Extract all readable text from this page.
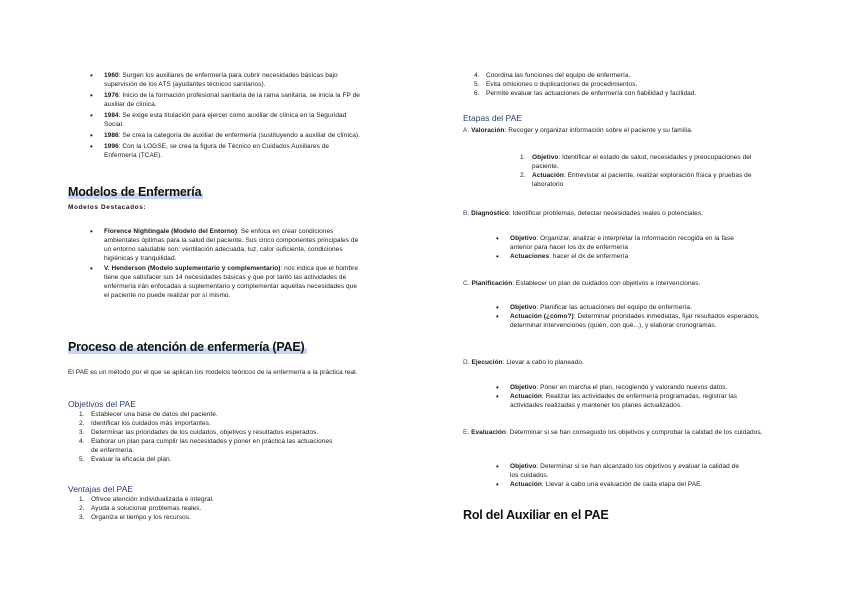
• 1960: Surgen los auxiliares de enfermería para cubrir necesidades básicas bajo supervisión de los ATS (ayudantes técnicos sanitarios).
• 1976: Inicio de la formación profesional sanitaria de la rama sanitaria, se inicia la FP de auxiliar de clínica.
• 1984: Se exige esta titulación para ejercer como auxiliar de clínica en la Seguridad Social.
• 1986: Se crea la categoría de auxiliar de enfermería (sustituyendo a auxiliar de clínica).
• 1996: Con la LOGSE, se crea la figura de Técnico en Cuidados Auxiliares de Enfermería (TCAE).
Modelos de Enfermería
Modelos Destacados:
• Florence Nightingale (Modelo del Entorno): Se enfoca en crear condiciones ambientales óptimas para la salud del paciente. Sus cinco componentes principales de un entorno saludable son: ventilación adecuada, luz, calor suficiente, condiciones higiénicas y tranquilidad.
• V. Henderson (Modelo suplementario y complementario): nos indica que el hombre tiene que satisfacer sus 14 necesidades básicas y que por tanto las actividades de enfermería irán enfocadas a suplementario y complementar aquellas necesidades que el paciente no puede realizar por sí mismo.
Proceso de atención de enfermería (PAE)
El PAE es un método por el que se aplican los modelos teóricos de la enfermería a la práctica real.
Objetivos del PAE
1. Establecer una base de datos del paciente.
2. Identificar los cuidados más importantes.
3. Determinar las prioridades de los cuidados, objetivos y resultados esperados.
4. Elaborar un plan para cumplir las necesidades y poner en práctica las actuaciones de enfermería.
5. Evaluar la eficacia del plan.
Ventajas del PAE
1. Ofrece atención individualizada e integral.
2. Ayuda a solucionar problemas reales.
3. Organiza el tiempo y los recursos.
4. Coordina las funciones del equipo de enfermería.
5. Evita omisiones o duplicaciones de procedimientos.
6. Permite evaluar las actuaciones de enfermería con fiabilidad y facilidad.
Etapas del PAE
A. Valoración: Recoger y organizar información sobre el paciente y su familia.
1. Objetivo: Identificar el estado de salud, necesidades y preocupaciones del paciente.
2. Actuación: Entrevistar al paciente, realizar exploración física y pruebas de laboratorio
B. Diagnóstico: Identificar problemas, detectar necesidades reales o potenciales.
• Objetivo: Organizar, analizar e interpretar la información recogida en la fase anterior para hacer los dx de enfermería
• Actuaciones: hacer el dx de enfermería
C. Planificación: Establecer un plan de cuidados con objetivos e intervenciones.
• Objetivo: Planificar las actuaciones del equipo de enfermería.
• Actuación (¿cómo?): Determinar prioridades inmediatas, fijar resultados esperados, determinar intervenciones (quién, con qué...), y elaborar cronogramas.
D. Ejecución: Llevar a cabo lo planeado.
• Objetivo: Poner en marcha el plan, recogiendo y valorando nuevos datos.
• Actuación: Realizar las actividades de enfermería programadas, registrar las actividades realizadas y mantener los planes actualizados.
E. Evaluación: Determinar si se han conseguido los objetivos y comprobar la calidad de los cuidados.
• Objetivo: Determinar si se han alcanzado los objetivos y evaluar la calidad de los cuidados.
• Actuación: Llevar a cabo una evaluación de cada etapa del PAE.
Rol del Auxiliar en el PAE
